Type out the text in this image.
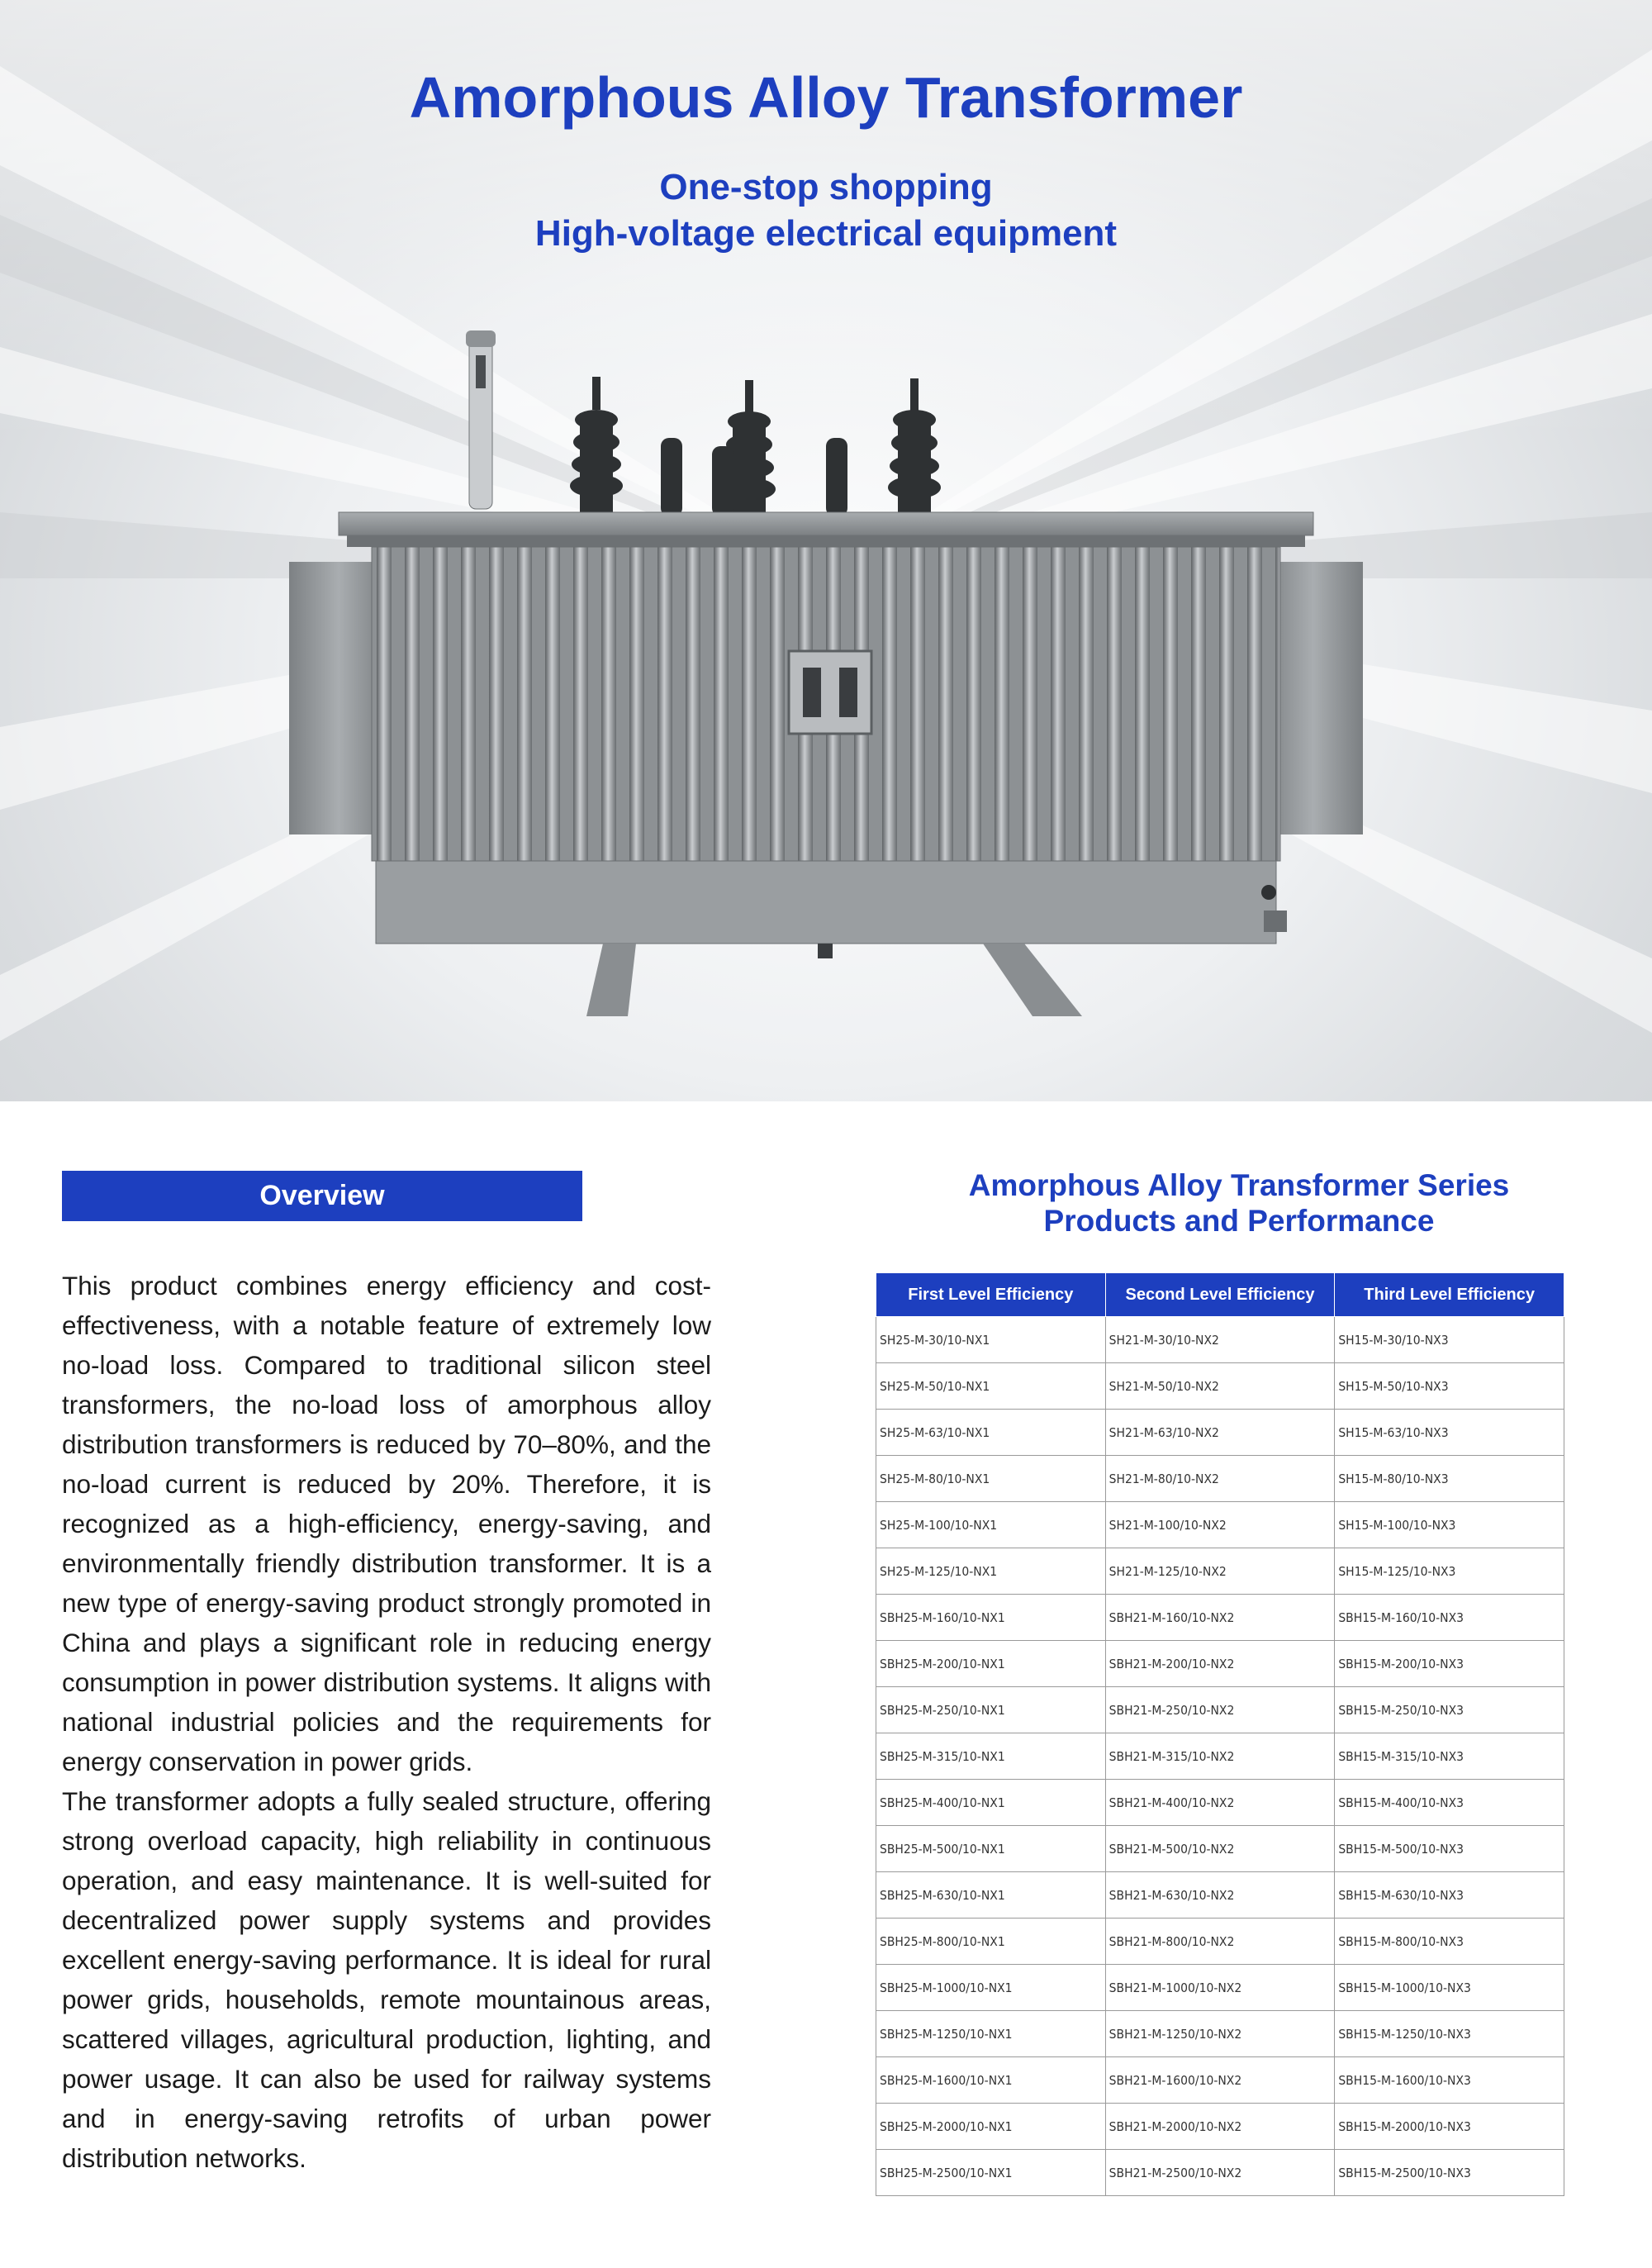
Amorphous Alloy Transformer
One-stop shopping
High-voltage electrical equipment
Overview

This product combines energy efficiency and cost-effectiveness, with a notable feature of extremely low no-load loss. Compared to traditional silicon steel transformers, the no-load loss of amorphous alloy distribution transformers is reduced by 70–80%, and the no-load current is reduced by 20%. Therefore, it is recognized as a high-efficiency, energy-saving, and environmentally friendly distribution transformer. It is a new type of energy-saving product strongly promoted in China and plays a significant role in reducing energy consumption in power distribution systems. It aligns with national industrial policies and the requirements for energy conservation in power grids.

The transformer adopts a fully sealed structure, offering strong overload capacity, high reliability in continuous operation, and easy maintenance. It is well-suited for decentralized power supply systems and provides excellent energy-saving performance. It is ideal for rural power grids, households, remote mountainous areas, scattered villages, agricultural production, lighting, and power usage. It can also be used for railway systems and in energy-saving retrofits of urban power distribution networks.

Amorphous Alloy Transformer Series
Products and Performance
First Level Efficiency	Second Level Efficiency	Third Level Efficiency
SH25-M-30/10-NX1	SH21-M-30/10-NX2	SH15-M-30/10-NX3
SH25-M-50/10-NX1	SH21-M-50/10-NX2	SH15-M-50/10-NX3
SH25-M-63/10-NX1	SH21-M-63/10-NX2	SH15-M-63/10-NX3
SH25-M-80/10-NX1	SH21-M-80/10-NX2	SH15-M-80/10-NX3
SH25-M-100/10-NX1	SH21-M-100/10-NX2	SH15-M-100/10-NX3
SH25-M-125/10-NX1	SH21-M-125/10-NX2	SH15-M-125/10-NX3
SBH25-M-160/10-NX1	SBH21-M-160/10-NX2	SBH15-M-160/10-NX3
SBH25-M-200/10-NX1	SBH21-M-200/10-NX2	SBH15-M-200/10-NX3
SBH25-M-250/10-NX1	SBH21-M-250/10-NX2	SBH15-M-250/10-NX3
SBH25-M-315/10-NX1	SBH21-M-315/10-NX2	SBH15-M-315/10-NX3
SBH25-M-400/10-NX1	SBH21-M-400/10-NX2	SBH15-M-400/10-NX3
SBH25-M-500/10-NX1	SBH21-M-500/10-NX2	SBH15-M-500/10-NX3
SBH25-M-630/10-NX1	SBH21-M-630/10-NX2	SBH15-M-630/10-NX3
SBH25-M-800/10-NX1	SBH21-M-800/10-NX2	SBH15-M-800/10-NX3
SBH25-M-1000/10-NX1	SBH21-M-1000/10-NX2	SBH15-M-1000/10-NX3
SBH25-M-1250/10-NX1	SBH21-M-1250/10-NX2	SBH15-M-1250/10-NX3
SBH25-M-1600/10-NX1	SBH21-M-1600/10-NX2	SBH15-M-1600/10-NX3
SBH25-M-2000/10-NX1	SBH21-M-2000/10-NX2	SBH15-M-2000/10-NX3
SBH25-M-2500/10-NX1	SBH21-M-2500/10-NX2	SBH15-M-2500/10-NX3
